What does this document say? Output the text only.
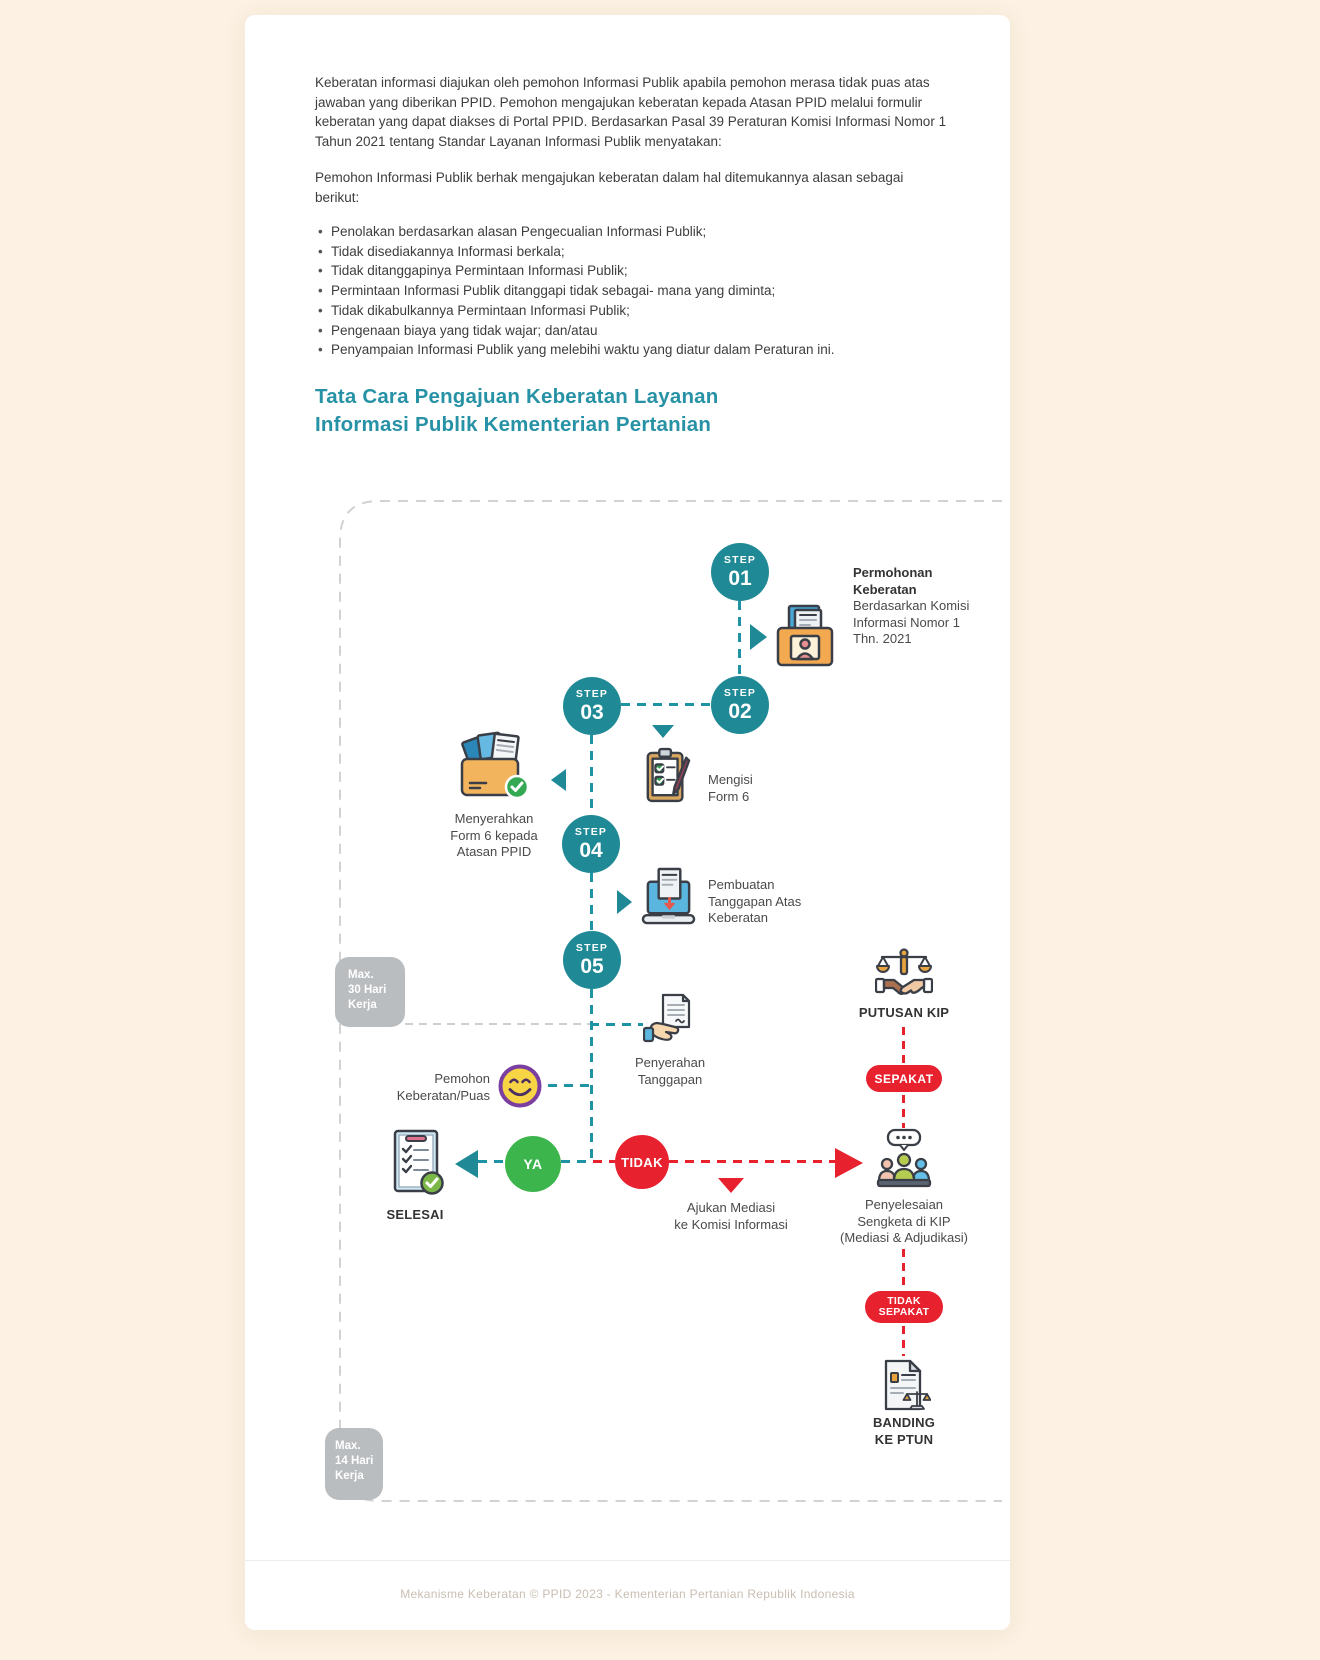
Keberatan informasi diajukan oleh pemohon Informasi Publik apabila pemohon merasa tidak puas atas jawaban yang diberikan PPID. Pemohon mengajukan keberatan kepada Atasan PPID melalui formulir keberatan yang dapat diakses di Portal PPID. Berdasarkan Pasal 39 Peraturan Komisi Informasi Nomor 1 Tahun 2021 tentang Standar Layanan Informasi Publik menyatakan:

Pemohon Informasi Publik berhak mengajukan keberatan dalam hal ditemukannya alasan sebagai berikut:

• Penolakan berdasarkan alasan Pengecualian Informasi Publik;
• Tidak disediakannya Informasi berkala;
• Tidak ditanggapinya Permintaan Informasi Publik;
• Permintaan Informasi Publik ditanggapi tidak sebagai- mana yang diminta;
• Tidak dikabulkannya Permintaan Informasi Publik;
• Pengenaan biaya yang tidak wajar; dan/atau
• Penyampaian Informasi Publik yang melebihi waktu yang diatur dalam Peraturan ini.
Tata Cara Pengajuan Keberatan Layanan
Informasi Publik Kementerian Pertanian
Max.
30 Hari
Kerja
Max.
14 Hari
Kerja
STEP
01
STEP
02
STEP
03
STEP
04
STEP
05
Permohonan
Keberatan
Berdasarkan Komisi
Informasi Nomor 1
Thn. 2021
Mengisi
Form 6
Menyerahkan
Form 6 kepada
Atasan PPID
Pembuatan
Tanggapan Atas
Keberatan
Penyerahan
Tanggapan
Pemohon
Keberatan/Puas
YA	TIDAK
SELESAI	Ajukan Mediasi
ke Komisi Informasi
PUTUSAN KIP
SEPAKAT
Penyelesaian
Sengketa di KIP
(Mediasi & Adjudikasi)
TIDAK
SEPAKAT
BANDING
KE PTUN
Mekanisme Keberatan © PPID 2023 - Kementerian Pertanian Republik Indonesia
